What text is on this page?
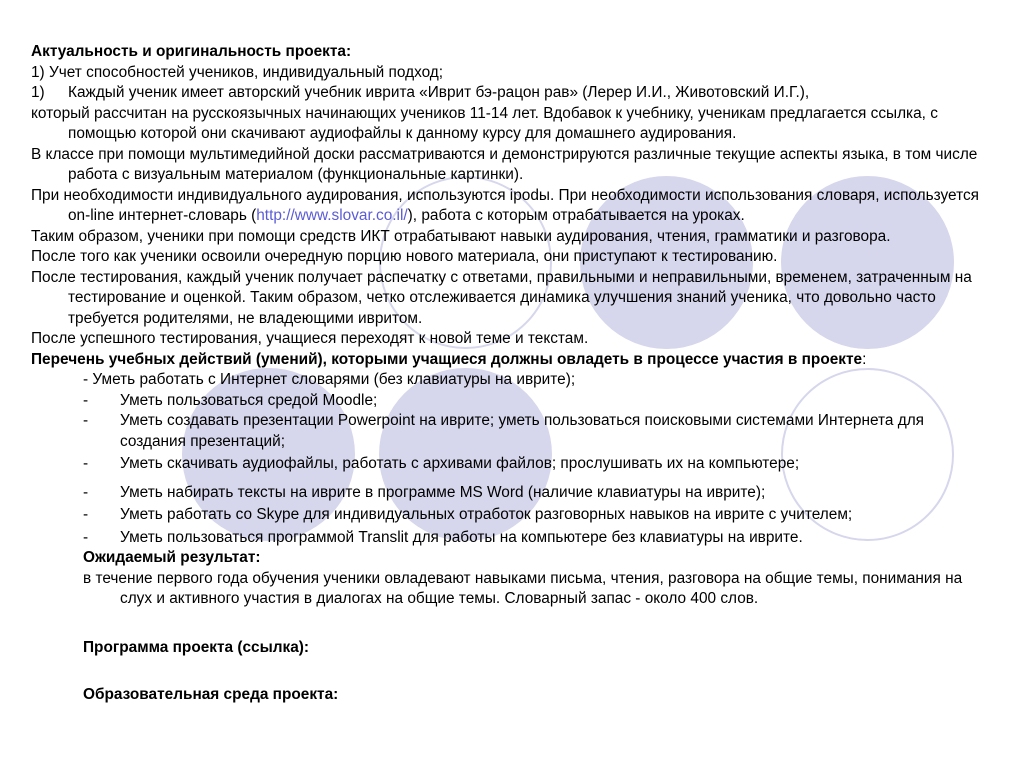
Актуальность и оригинальность проекта:

1) Учет способностей учеников, индивидуальный подход;

1) Каждый ученик имеет авторский учебник иврита «Иврит бэ-рацон рав» (Лерер И.И., Животовский И.Г.),

который рассчитан на русскоязычных начинающих учеников 11-14 лет. Вдобавок к учебнику, ученикам предлагается ссылка, с помощью которой они скачивают аудиофайлы к данному курсу для домашнего аудирования.

В классе при помощи мультимедийной доски рассматриваются и демонстрируются различные текущие аспекты языка, в том числе работа с визуальным материалом (функциональные картинки).

При необходимости индивидуального аудирования, используются ipodы. При необходимости использования словаря, используется on-line интернет-словарь (http://www.slovar.co.il/), работа с которым отрабатывается на уроках.

Таким образом, ученики при помощи средств ИКТ отрабатывают навыки аудирования, чтения, грамматики и разговора.

После того как ученики освоили очередную порцию нового материала, они приступают к тестированию.

После тестирования, каждый ученик получает распечатку с ответами, правильными и неправильными, временем, затраченным на тестирование и оценкой. Таким образом, четко отслеживается динамика улучшения знаний ученика, что довольно часто требуется родителями, не владеющими ивритом.

После успешного тестирования, учащиеся переходят к новой теме и текстам.

Перечень учебных действий (умений), которыми учащиеся должны овладеть в процессе участия в проекте:

- Уметь работать с Интернет словарями (без клавиатуры на иврите);

- Уметь пользоваться средой Moodle;

- Уметь создавать презентации Powerpoint на иврите; уметь пользоваться поисковыми системами Интернета для создания презентаций;

- Уметь скачивать аудиофайлы, работать с архивами файлов; прослушивать их на компьютере;

- Уметь набирать тексты на иврите в программе MS Word (наличие клавиатуры на иврите);

- Уметь работать со Skype для индивидуальных отработок разговорных навыков на иврите с учителем;

- Уметь пользоваться программой Translit для работы на компьютере без клавиатуры на иврите.

Ожидаемый результат:

в течение первого года обучения ученики овладевают навыками письма, чтения, разговора на общие темы, понимания на слух и активного участия в диалогах на общие темы. Словарный запас - около 400 слов.

Программа проекта (ссылка):

Образовательная среда проекта:
